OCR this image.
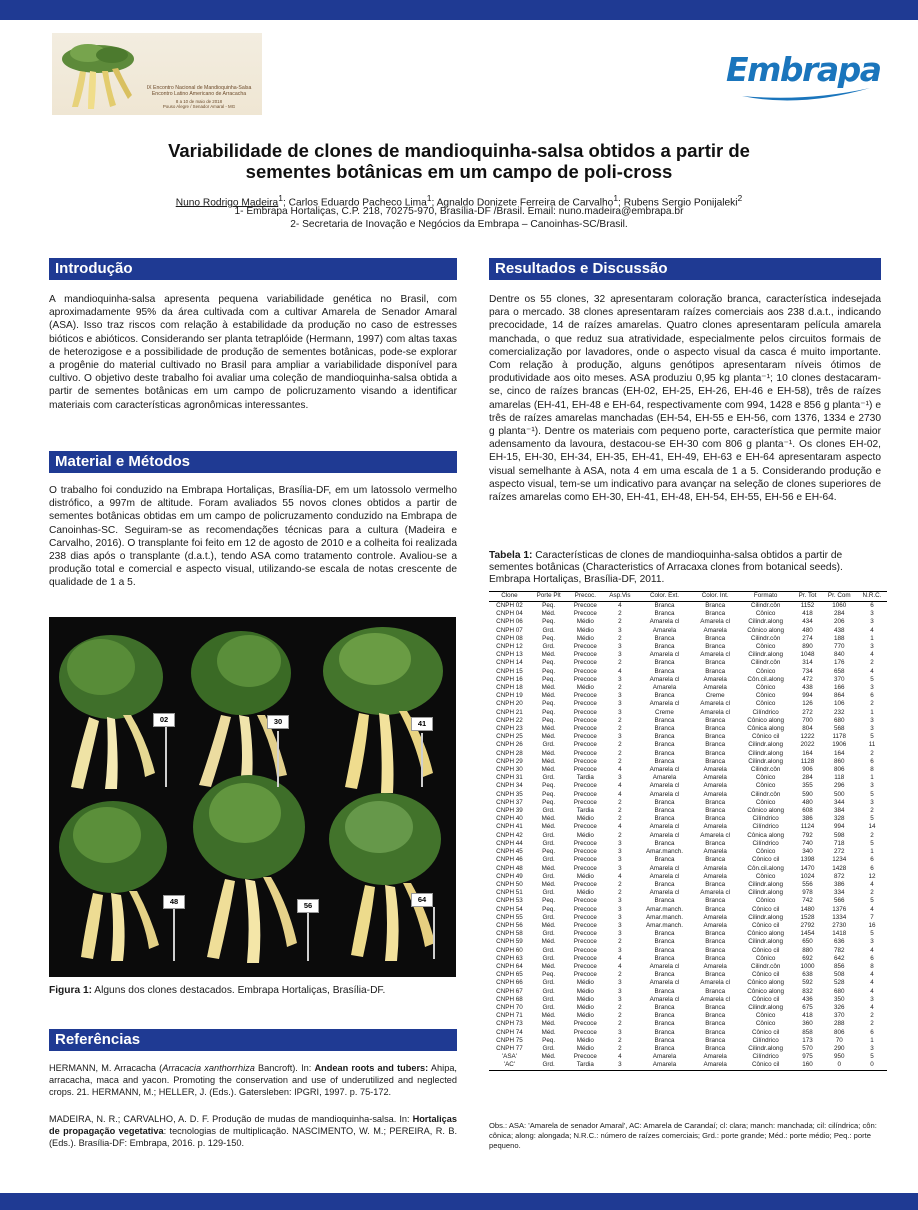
IX Encontro Nacional de Mandioquinha-Salsa
Encontro Latino Americano de Arracacha
8 a 10 de maio de 2018
Pouso Alegre / Senador Amaral - MG
Embrapa
Variabilidade de clones de mandioquinha-salsa obtidos a partir de
sementes botânicas em um campo de poli-cross
Nuno Rodrigo Madeira$^1$; Carlos Eduardo Pacheco Lima$^1$; Agnaldo Donizete Ferreira de Carvalho$^1$; Rubens Sergio Ponijaleki$^2$
1- Embrapa Hortaliças, C.P. 218, 70275-970, Brasília-DF /Brasil. Email: nuno.madeira@embrapa.br
2- Secretaria de Inovação e Negócios da Embrapa – Canoinhas-SC/Brasil.
Introdução
A mandioquinha-salsa apresenta pequena variabilidade genética no Brasil, com aproximadamente 95% da área cultivada com a cultivar Amarela de Senador Amaral (ASA). Isso traz riscos com relação à estabilidade da produção no caso de estresses bióticos e abióticos. Considerando ser planta tetraplóide (Hermann, 1997) com altas taxas de heterozigose e a possibilidade de produção de sementes botânicas, pode-se explorar a progênie do material cultivado no Brasil para ampliar a variabilidade disponível para cultivo. O objetivo deste trabalho foi avaliar uma coleção de mandioquinha-salsa obtida a partir de sementes botânicas em um campo de policruzamento visando a identificar materiais com características agronômicas interessantes.
Material e Métodos
O trabalho foi conduzido na Embrapa Hortaliças, Brasília-DF, em um latossolo vermelho distrófico, a 997m de altitude. Foram avaliados 55 novos clones obtidos a partir de sementes botânicas obtidas em um campo de policruzamento conduzido na Embrapa de Canoinhas-SC. Seguiram-se as recomendações técnicas para a cultura (Madeira e Carvalho, 2016). O transplante foi feito em 12 de agosto de 2010 e a colheita foi realizada 238 dias após o transplante (d.a.t.), tendo ASA como tratamento controle. Avaliou-se a produção total e comercial e aspecto visual, utilizando-se escala de notas crescente de qualidade de 1 a 5.
02	30	41
48	56
64
Figura 1: Alguns dos clones destacados. Embrapa Hortaliças, Brasília-DF.
Referências
HERMANN, M. Arracacha (Arracacia xanthorrhiza Bancroft). In: Andean roots and tubers: Ahipa, arracacha, maca and yacon. Promoting the conservation and use of underutilized and neglected crops. 21. HERMANN, M.; HELLER, J. (Eds.). Gatersleben: IPGRI, 1997. p. 75-172.
MADEIRA, N. R.; CARVALHO, A. D. F. Produção de mudas de mandioquinha-salsa. In: Hortaliças de propagação vegetativa: tecnologias de multiplicação. NASCIMENTO, W. M.; PEREIRA, R. B. (Eds.). Brasília-DF: Embrapa, 2016. p. 129-150.
Resultados e Discussão
Dentre os 55 clones, 32 apresentaram coloração branca, característica indesejada para o mercado. 38 clones apresentaram raízes comerciais aos 238 d.a.t., indicando precocidade, 14 de raízes amarelas. Quatro clones apresentaram película amarela manchada, o que reduz sua atratividade, especialmente pelos circuitos formais de comercialização por lavadores, onde o aspecto visual da casca é muito importante. Com relação à produção, alguns genótipos apresentaram níveis ótimos de produtividade aos oito meses. ASA produziu 0,95 kg planta⁻¹; 10 clones destacaram-se, cinco de raízes brancas (EH-02, EH-25, EH-26, EH-46 e EH-58), três de raízes amarelas (EH-41, EH-48 e EH-64, respectivamente com 994, 1428 e 856 g planta⁻¹) e três de raízes amarelas manchadas (EH-54, EH-55 e EH-56, com 1376, 1334 e 2730 g planta⁻¹). Dentre os materiais com pequeno porte, característica que permite maior adensamento da lavoura, destacou-se EH-30 com 806 g planta⁻¹. Os clones EH-02, EH-15, EH-30, EH-34, EH-35, EH-41, EH-49, EH-63 e EH-64 apresentaram aspecto visual semelhante à ASA, nota 4 em uma escala de 1 a 5. Considerando produção e aspecto visual, tem-se um indicativo para avançar na seleção de clones superiores de raízes amarelas como EH-30, EH-41, EH-48, EH-54, EH-55, EH-56 e EH-64.
Tabela 1: Características de clones de mandioquinha-salsa obtidos a partir de sementes botânicas (Characteristics of Arracaxa clones from botanical seeds). Embrapa Hortaliças, Brasília-DF, 2011.
Clone	Porte Plt	Precoc.	Asp.Vis	Color. Ext.	Color. Int.	Formato	Pr. Tot	Pr. Com	N.R.C.
CNPH 02	Peq.	Precoce	4	Branca	Branca	Cilindr.côn	1152	1060	6
CNPH 04	Méd.	Precoce	2	Branca	Branca	Cônico	418	284	3
CNPH 06	Peq.	Médio	2	Amarela cl	Amarela cl	Cilindr.along	434	206	3
CNPH 07	Grd.	Médio	3	Amarela	Amarela	Cônico along	480	438	4
CNPH 08	Peq.	Médio	2	Branca	Branca	Cilindr.côn	274	188	1
CNPH 12	Grd.	Precoce	3	Branca	Branca	Cônico	890	770	3
CNPH 13	Méd.	Precoce	3	Amarela cl	Amarela cl	Cilindr.along	1048	840	4
CNPH 14	Peq.	Precoce	2	Branca	Branca	Cilindr.côn	314	176	2
CNPH 15	Peq.	Precoce	4	Branca	Branca	Cônico	734	658	4
CNPH 16	Peq.	Precoce	3	Amarela cl	Amarela	Côn.cil.along	472	370	5
CNPH 18	Méd.	Médio	2	Amarela	Amarela	Cônico	438	166	3
CNPH 19	Méd.	Precoce	3	Branca	Creme	Cônico	994	864	6
CNPH 20	Peq.	Precoce	3	Amarela cl	Amarela cl	Cônico	126	106	2
CNPH 21	Peq.	Precoce	3	Creme	Amarela cl	Cilíndrico	272	232	1
CNPH 22	Peq.	Precoce	2	Branca	Branca	Cônico along	700	680	3
CNPH 23	Méd.	Precoce	2	Branca	Branca	Cônica along	804	568	3
CNPH 25	Méd.	Precoce	3	Branca	Branca	Cônico cil	1222	1178	5
CNPH 26	Grd.	Precoce	2	Branca	Branca	Cilindr.along	2022	1906	11
CNPH 28	Méd.	Precoce	2	Branca	Branca	Cilindr.along	164	164	2
CNPH 29	Méd.	Precoce	2	Branca	Branca	Cilindr.along	1128	860	6
CNPH 30	Méd.	Precoce	4	Amarela cl	Amarela	Cilindr.côn	906	806	8
CNPH 31	Grd.	Tardia	3	Amarela	Amarela	Cônico	284	118	1
CNPH 34	Peq.	Precoce	4	Amarela cl	Amarela	Cônico	355	296	3
CNPH 35	Peq.	Precoce	4	Amarela cl	Amarela	Cilindr.côn	590	500	5
CNPH 37	Peq.	Precoce	2	Branca	Branca	Cônico	480	344	3
CNPH 39	Grd.	Tardia	2	Branca	Branca	Cônico along	608	384	2
CNPH 40	Méd.	Médio	2	Branca	Branca	Cilíndrico	386	328	5
CNPH 41	Méd.	Precoce	4	Amarela cl	Amarela	Cilíndrico	1124	994	14
CNPH 42	Grd.	Médio	2	Amarela cl	Amarela cl	Cônica along	792	598	2
CNPH 44	Grd.	Precoce	3	Branca	Branca	Cilíndrico	740	718	5
CNPH 45	Peq.	Precoce	3	Amar.manch.	Amarela	Cônico	340	272	1
CNPH 46	Grd.	Precoce	3	Branca	Branca	Cônico cil	1398	1234	6
CNPH 48	Méd.	Precoce	3	Amarela cl	Amarela	Côn.cil.along	1470	1428	6
CNPH 49	Grd.	Médio	4	Amarela cl	Amarela	Cônico	1024	872	12
CNPH 50	Méd.	Precoce	2	Branca	Branca	Cilindr.along	556	386	4
CNPH 51	Grd.	Médio	2	Amarela cl	Amarela cl	Cilindr.along	978	334	2
CNPH 53	Peq.	Precoce	3	Branca	Branca	Cônico	742	566	5
CNPH 54	Peq.	Precoce	3	Amar.manch.	Branca	Cônico cil	1480	1376	4
CNPH 55	Grd.	Precoce	3	Amar.manch.	Amarela	Cilindr.along	1528	1334	7
CNPH 56	Méd.	Precoce	3	Amar.manch.	Amarela	Cônico cil	2792	2730	16
CNPH 58	Grd.	Precoce	3	Branca	Branca	Cônico along	1454	1418	5
CNPH 59	Méd.	Precoce	2	Branca	Branca	Cilindr.along	650	636	3
CNPH 60	Grd.	Precoce	3	Branca	Branca	Cônico cil	880	782	4
CNPH 63	Grd.	Precoce	4	Branca	Branca	Cônico	692	642	6
CNPH 64	Méd.	Precoce	4	Amarela cl	Amarela	Cilindr.côn	1000	856	8
CNPH 65	Peq.	Precoce	2	Branca	Branca	Cônico cil	638	508	4
CNPH 66	Grd.	Médio	3	Amarela cl	Amarela cl	Cônico along	592	528	4
CNPH 67	Grd.	Médio	3	Branca	Branca	Cônico along	832	680	4
CNPH 68	Grd.	Médio	3	Amarela cl	Amarela cl	Cônico cil	436	350	3
CNPH 70	Grd.	Médio	2	Branca	Branca	Cilindr.along	675	326	4
CNPH 71	Méd.	Médio	2	Branca	Branca	Cônico	418	370	2
CNPH 73	Méd.	Precoce	2	Branca	Branca	Cônico	360	288	2
CNPH 74	Méd.	Precoce	3	Branca	Branca	Cônico cil	858	806	6
CNPH 75	Peq.	Médio	2	Branca	Branca	Cilíndrico	173	70	1
CNPH 77	Grd.	Médio	2	Branca	Branca	Cilindr.along	570	290	3
'ASA'	Méd.	Precoce	4	Amarela	Amarela	Cilíndrico	975	950	5
'AC'	Grd.	Tardia	3	Amarela	Amarela	Cônico cil	160	0	0
Obs.: ASA: 'Amarela de senador Amaral', AC: Amarela de Carandaí; cl: clara; manch: manchada; cil: cilíndrica; côn: cônica; along: alongada; N.R.C.: número de raízes comerciais; Grd.: porte grande; Méd.: porte médio; Peq.: porte pequeno.
